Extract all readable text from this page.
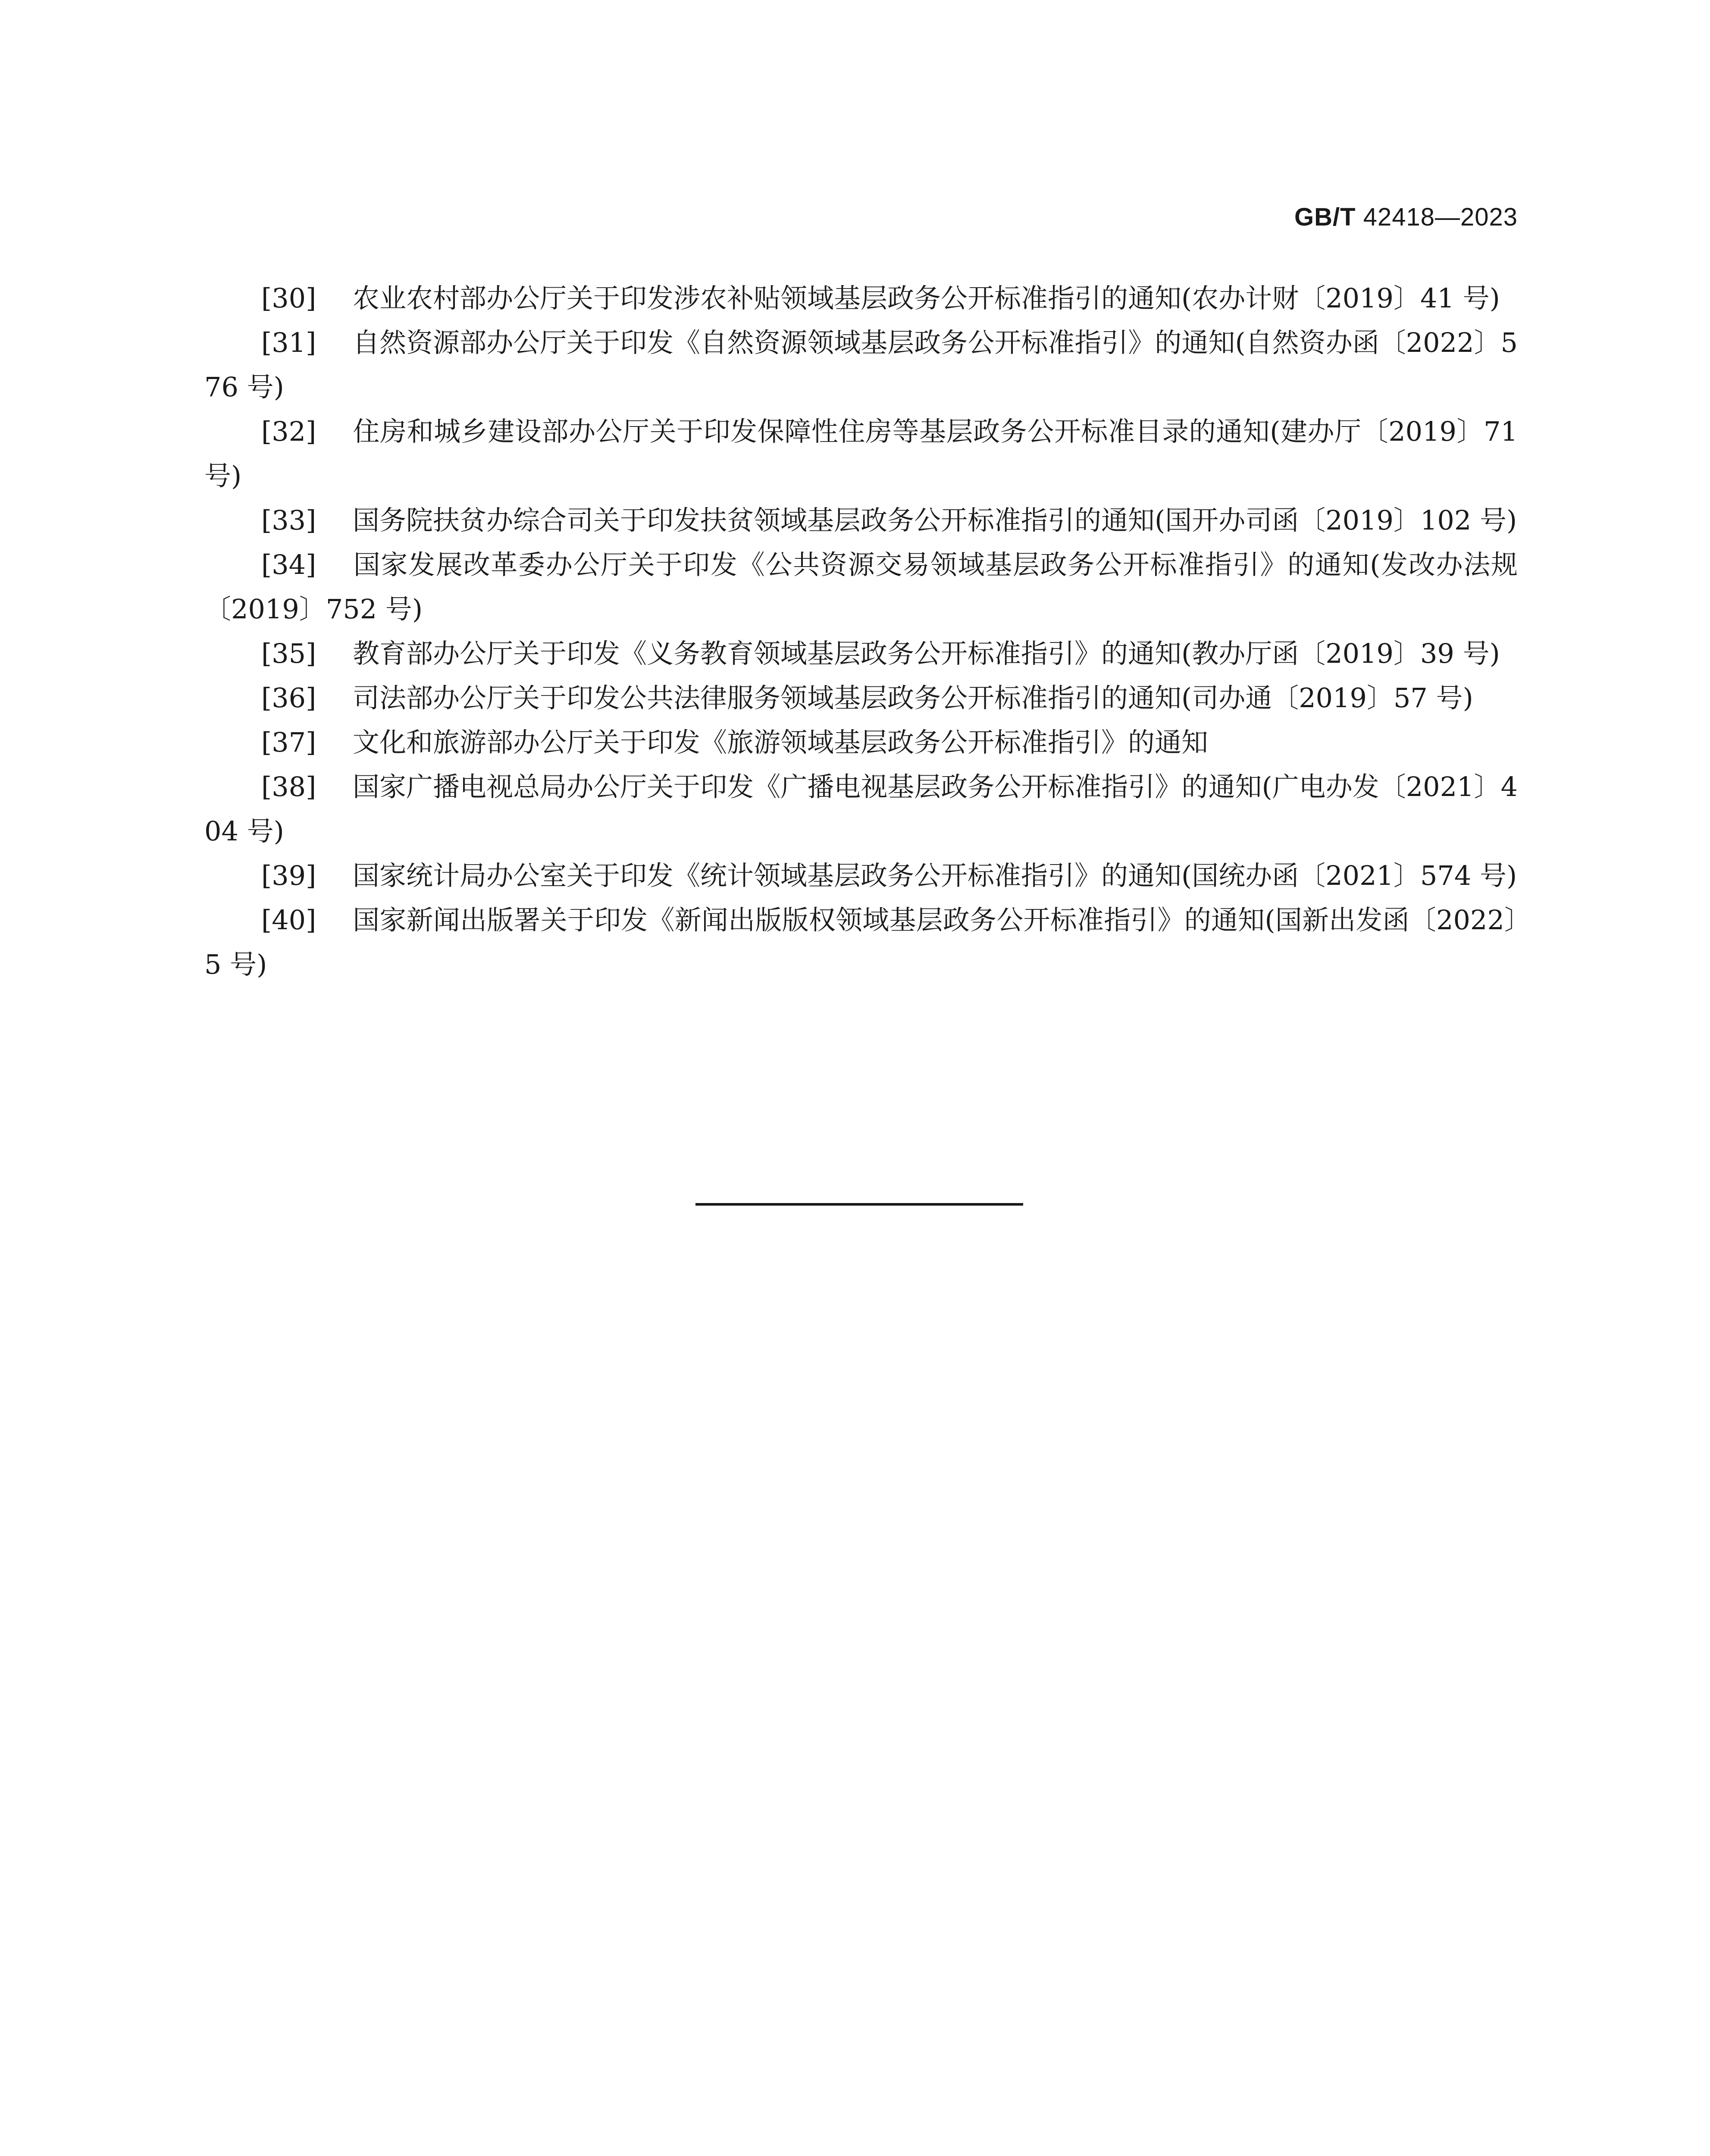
GB/T 42418—2023

[30] 农业农村部办公厅关于印发涉农补贴领域基层政务公开标准指引的通知(农办计财〔2019〕41 号)

[31] 自然资源部办公厅关于印发《自然资源领域基层政务公开标准指引》的通知(自然资办函〔2022〕576 号)

[32] 住房和城乡建设部办公厅关于印发保障性住房等基层政务公开标准目录的通知(建办厅〔2019〕71 号)

[33] 国务院扶贫办综合司关于印发扶贫领域基层政务公开标准指引的通知(国开办司函〔2019〕102 号)

[34] 国家发展改革委办公厅关于印发《公共资源交易领域基层政务公开标准指引》的通知(发改办法规〔2019〕752 号)

[35] 教育部办公厅关于印发《义务教育领域基层政务公开标准指引》的通知(教办厅函〔2019〕39 号)

[36] 司法部办公厅关于印发公共法律服务领域基层政务公开标准指引的通知(司办通〔2019〕57 号)

[37] 文化和旅游部办公厅关于印发《旅游领域基层政务公开标准指引》的通知

[38] 国家广播电视总局办公厅关于印发《广播电视基层政务公开标准指引》的通知(广电办发〔2021〕404 号)

[39] 国家统计局办公室关于印发《统计领域基层政务公开标准指引》的通知(国统办函〔2021〕574 号)

[40] 国家新闻出版署关于印发《新闻出版版权领域基层政务公开标准指引》的通知(国新出发函〔2022〕5 号)
